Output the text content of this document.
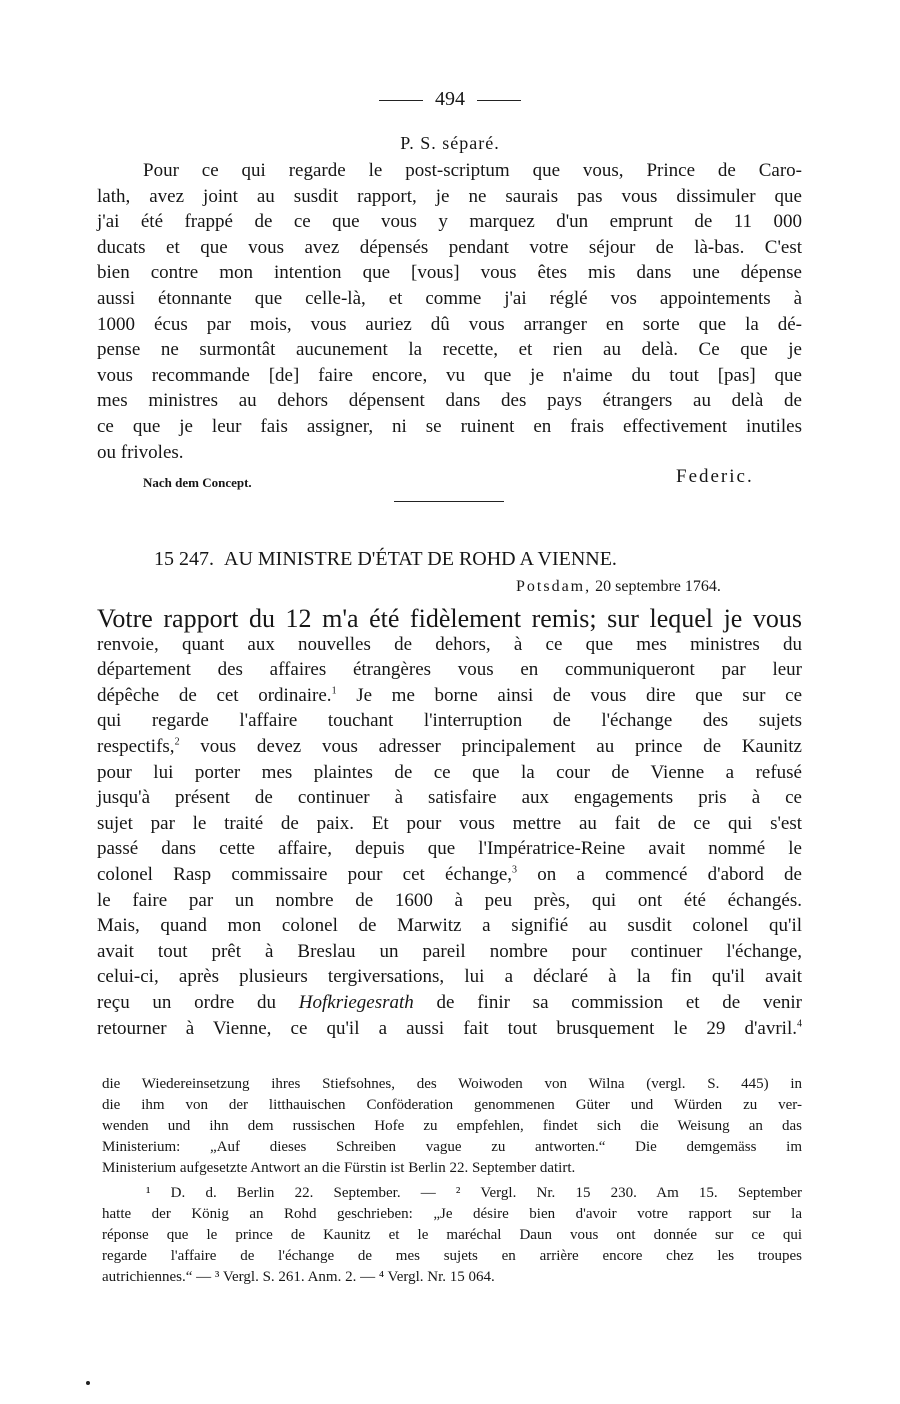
494
P. S. séparé.
Pour ce qui regarde le post-scriptum que vous, Prince de Caro-
lath, avez joint au susdit rapport, je ne saurais pas vous dissimuler que
j'ai été frappé de ce que vous y marquez d'un emprunt de 11 000
ducats et que vous avez dépensés pendant votre séjour de là-bas. C'est
bien contre mon intention que [vous] vous êtes mis dans une dépense
aussi étonnante que celle-là, et comme j'ai réglé vos appointements à
1000 écus par mois, vous auriez dû vous arranger en sorte que la dé-
pense ne surmontât aucunement la recette, et rien au delà. Ce que je
vous recommande [de] faire encore, vu que je n'aime du tout [pas] que
mes ministres au dehors dépensent dans des pays étrangers au delà de
ce que je leur fais assigner, ni se ruinent en frais effectivement inutiles
ou frivoles.
Nach dem Concept.	Federic.
15 247. AU MINISTRE D'ÉTAT DE ROHD A VIENNE.
Potsdam, 20 septembre 1764.
Votre rapport du 12 m'a été fidèlement remis; sur lequel je vous
renvoie, quant aux nouvelles de dehors, à ce que mes ministres du
département des affaires étrangères vous en communiqueront par leur
dépêche de cet ordinaire.$^1$ Je me borne ainsi de vous dire que sur ce
qui regarde l'affaire touchant l'interruption de l'échange des sujets
respectifs,$^2$ vous devez vous adresser principalement au prince de Kaunitz
pour lui porter mes plaintes de ce que la cour de Vienne a refusé
jusqu'à présent de continuer à satisfaire aux engagements pris à ce
sujet par le traité de paix. Et pour vous mettre au fait de ce qui s'est
passé dans cette affaire, depuis que l'Impératrice-Reine avait nommé le
colonel Rasp commissaire pour cet échange,$^3$ on a commencé d'abord de
le faire par un nombre de 1600 à peu près, qui ont été échangés.
Mais, quand mon colonel de Marwitz a signifié au susdit colonel qu'il
avait tout prêt à Breslau un pareil nombre pour continuer l'échange,
celui-ci, après plusieurs tergiversations, lui a déclaré à la fin qu'il avait
reçu un ordre du Hofkriegesrath de finir sa commission et de venir
retourner à Vienne, ce qu'il a aussi fait tout brusquement le 29 d'avril.$^4$
die Wiedereinsetzung ihres Stiefsohnes, des Woiwoden von Wilna (vergl. S. 445) in
die ihm von der litthauischen Conföderation genommenen Güter und Würden zu ver-
wenden und ihn dem russischen Hofe zu empfehlen, findet sich die Weisung an das
Ministerium: „Auf dieses Schreiben vague zu antworten.“ Die demgemäss im
Ministerium aufgesetzte Antwort an die Fürstin ist Berlin 22. September datirt.
¹ D. d. Berlin 22. September. — ² Vergl. Nr. 15 230. Am 15. September
hatte der König an Rohd geschrieben: „Je désire bien d'avoir votre rapport sur la
réponse que le prince de Kaunitz et le maréchal Daun vous ont donnée sur ce qui
regarde l'affaire de l'échange de mes sujets en arrière encore chez les troupes
autrichiennes.“ — ³ Vergl. S. 261. Anm. 2. — ⁴ Vergl. Nr. 15 064.
